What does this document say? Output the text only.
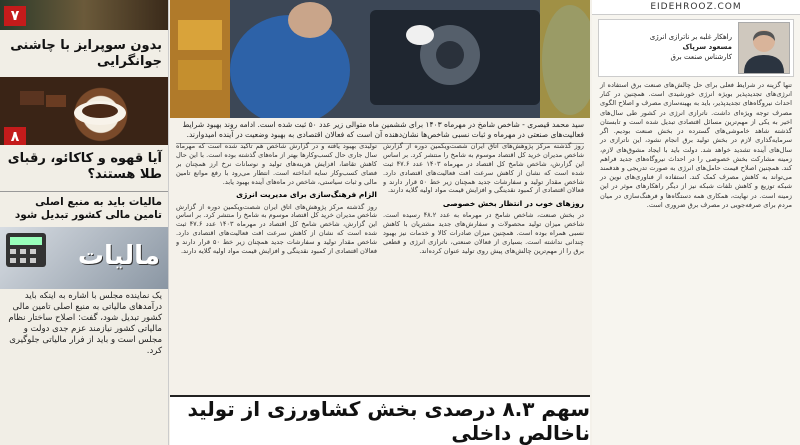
۷
بدون سوپرایز با چاشنی جوانگرایی
۸
آیا قهوه و کاکائو، رقبای طلا هستند؟
مالیات باید به منبع اصلی تامین مالی کشور تبدیل شود
مالیات
یک نماینده مجلس با اشاره به اینکه باید درآمدهای مالیاتی به منبع اصلی تامین مالی کشور تبدیل شود، گفت: اصلاح ساختار نظام مالیاتی کشور نیازمند عزم جدی دولت و مجلس است و باید از فرار مالیاتی جلوگیری کرد.
سید محمد قیصری - شاخص شامخ در مهرماه ۱۴۰۳ برای ششمین ماه متوالی زیر عدد ۵۰ ثبت شده است. ادامه روند بهبود شرایط فعالیت‌های صنعتی در مهرماه و ثبات نسبی شاخص‌ها نشان‌دهنده آن است که فعالان اقتصادی به بهبود وضعیت در آینده امیدوارند.
روز گذشته مرکز پژوهش‌های اتاق ایران شصت‌ویکمین دوره از گزارش شاخص مدیران خرید کل اقتصاد موسوم به شامخ را منتشر کرد. بر اساس این گزارش، شاخص شامخ کل اقتصاد در مهرماه ۱۴۰۳ عدد ۴۷.۶ ثبت شده است که نشان از کاهش سرعت افت فعالیت‌های اقتصادی دارد. شاخص مقدار تولید و سفارشات جدید همچنان زیر خط ۵۰ قرار دارند و فعالان اقتصادی از کمبود نقدینگی و افزایش قیمت مواد اولیه گلایه دارند.
روزهای خوب در انتظار بخش خصوصی
در بخش صنعت، شاخص شامخ در مهرماه به عدد ۴۸.۲ رسیده است. شاخص میزان تولید محصولات و سفارش‌های جدید مشتریان با کاهش نسبی همراه بوده است. همچنین میزان صادرات کالا و خدمات نیز بهبود چندانی نداشته است. بسیاری از فعالان صنعتی، ناترازی انرژی و قطعی برق را از مهم‌ترین چالش‌های پیش روی تولید عنوان کرده‌اند.
تولیدی بهبود یافته و در گزارش شاخص هم تاکید شده است که مهرماه سال جاری حال کسب‌وکارها بهتر از ماه‌های گذشته بوده است. با این حال کاهش تقاضا، افزایش هزینه‌های تولید و نوسانات نرخ ارز همچنان بر فضای کسب‌وکار سایه انداخته است. انتظار می‌رود با رفع موانع تامین مالی و ثبات سیاستی، شاخص در ماه‌های آینده بهبود یابد.
الزام فرهنگ‌سازی برای مدیریت انرژی
روز گذشته مرکز پژوهش‌های اتاق ایران شصت‌ویکمین دوره از گزارش شاخص مدیران خرید کل اقتصاد موسوم به شامخ را منتشر کرد. بر اساس این گزارش، شاخص شامخ کل اقتصاد در مهرماه ۱۴۰۳ عدد ۴۷.۶ ثبت شده است که نشان از کاهش سرعت افت فعالیت‌های اقتصادی دارد. شاخص مقدار تولید و سفارشات جدید همچنان زیر خط ۵۰ قرار دارند و فعالان اقتصادی از کمبود نقدینگی و افزایش قیمت مواد اولیه گلایه دارند.
سهم ۸.۳ درصدی بخش کشاورزی از تولید ناخالص داخلی
EIDEHROOZ.COM
راهکار غلبه بر ناترازی انرژی
مسعود سرپاک
کارشناس صنعت برق
تنها گزینه در شرایط فعلی برای حل چالش‌های صنعت برق استفاده از انرژی‌های تجدیدپذیر بویژه انرژی خورشیدی است. همچنین در کنار احداث نیروگاه‌های تجدیدپذیر، باید به بهینه‌سازی مصرف و اصلاح الگوی مصرف توجه ویژه‌ای داشت. ناترازی انرژی در کشور طی سال‌های اخیر به یکی از مهم‌ترین مسائل اقتصادی تبدیل شده است و تابستان گذشته شاهد خاموشی‌های گسترده در بخش صنعت بودیم. اگر سرمایه‌گذاری لازم در بخش تولید برق انجام نشود، این ناترازی در سال‌های آینده تشدید خواهد شد. دولت باید با ایجاد مشوق‌های لازم، زمینه مشارکت بخش خصوصی را در احداث نیروگاه‌های جدید فراهم کند. همچنین اصلاح قیمت حامل‌های انرژی به صورت تدریجی و هدفمند می‌تواند به کاهش مصرف کمک کند. استفاده از فناوری‌های نوین در شبکه توزیع و کاهش تلفات شبکه نیز از دیگر راهکارهای موثر در این زمینه است. در نهایت، همکاری همه دستگاه‌ها و فرهنگ‌سازی در میان مردم برای صرفه‌جویی در مصرف برق ضروری است.
